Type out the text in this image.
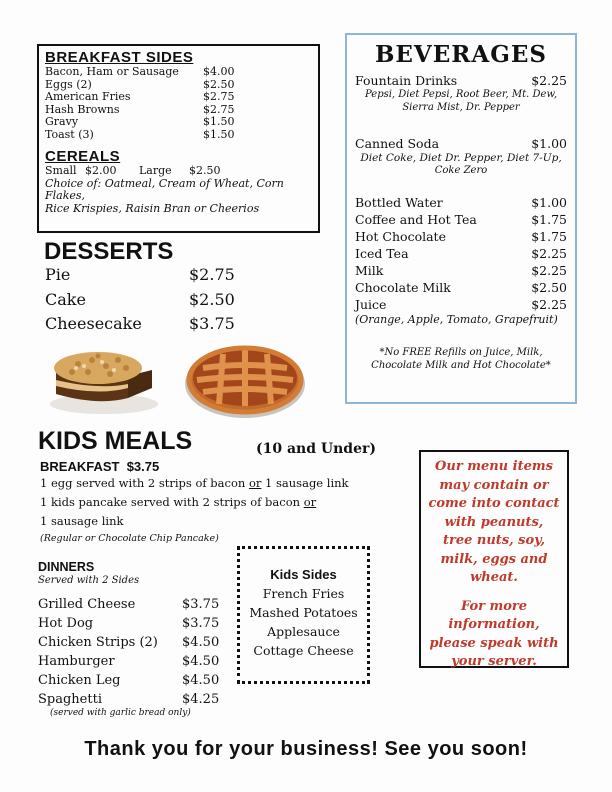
BREAKFAST SIDES
Bacon, Ham or Sausage	$4.00
Eggs (2)	$2.50
American Fries	$2.75
Hash Browns	$2.75
Gravy	$1.50
Toast (3)	$1.50
CEREALS
Small $2.00	Large	$2.50
Choice of: Oatmeal, Cream of Wheat, Corn Flakes,
Rice Krispies, Raisin Bran or Cheerios
BEVERAGES
Fountain Drinks	$2.25
Pepsi, Diet Pepsi, Root Beer, Mt. Dew,
Sierra Mist, Dr. Pepper
Canned Soda	$1.00
Diet Coke, Diet Dr. Pepper, Diet 7-Up,
Coke Zero
Bottled Water	$1.00
Coffee and Hot Tea	$1.75
Hot Chocolate	$1.75
Iced Tea	$2.25
Milk	$2.25
Chocolate Milk	$2.50
Juice	$2.25
(Orange, Apple, Tomato, Grapefruit)
*No FREE Refills on Juice, Milk,
Chocolate Milk and Hot Chocolate*
DESSERTS
Pie	$2.75
Cake	$2.50
Cheesecake	$3.75
KIDS MEALS	(10 and Under)
BREAKFAST $3.75
1 egg served with 2 strips of bacon or 1 sausage link
1 kids pancake served with 2 strips of bacon or
1 sausage link
(Regular or Chocolate Chip Pancake)
DINNERS
Served with 2 Sides
Grilled Cheese	$3.75
Hot Dog	$3.75
Chicken Strips (2)	$4.50
Hamburger	$4.50
Chicken Leg	$4.50
Spaghetti	$4.25
(served with garlic bread only)
Kids Sides
French Fries
Mashed Potatoes
Applesauce
Cottage Cheese
Our menu items
may contain or
come into contact
with peanuts,
tree nuts, soy,
milk, eggs and
wheat.
For more
information,
please speak with
your server.
Thank you for your business! See you soon!
